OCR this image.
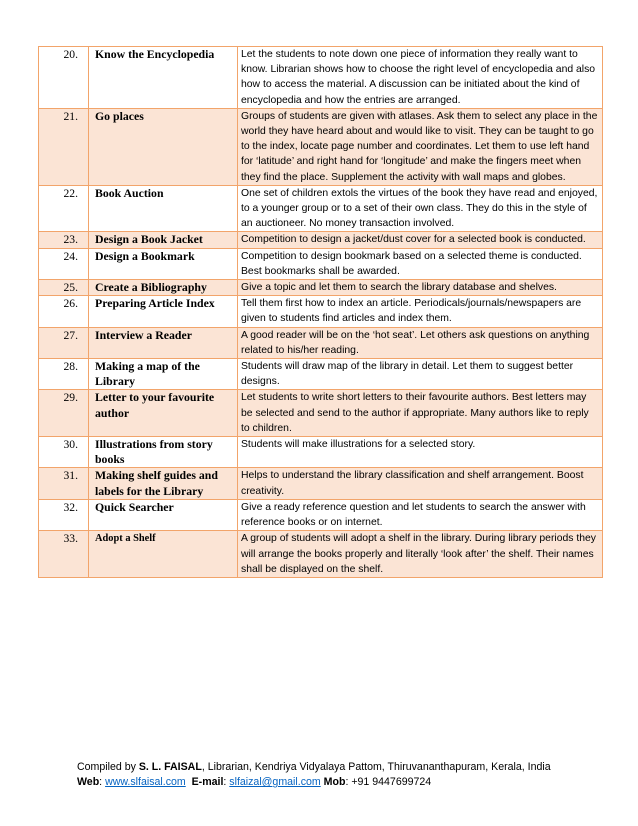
20.	Know the Encyclopedia	Let the students to note down one piece of information they really want to know. Librarian shows how to choose the right level of encyclopedia and also how to access the material. A discussion can be initiated about the kind of encyclopedia and how the entries are arranged.
21.	Go places	Groups of students are given with atlases. Ask them to select any place in the world they have heard about and would like to visit. They can be taught to go to the index, locate page number and coordinates. Let them to use left hand for ‘latitude’ and right hand for ‘longitude’ and make the fingers meet when they find the place. Supplement the activity with wall maps and globes.
22.	Book Auction	One set of children extols the virtues of the book they have read and enjoyed, to a younger group or to a set of their own class. They do this in the style of an auctioneer. No money transaction involved.
23.	Design a Book Jacket	Competition to design a jacket/dust cover for a selected book is conducted.
24.	Design a Bookmark	Competition to design bookmark based on a selected theme is conducted. Best bookmarks shall be awarded.
25.	Create a Bibliography	Give a topic and let them to search the library database and shelves.
26.	Preparing Article Index	Tell them first how to index an article. Periodicals/journals/newspapers are given to students find articles and index them.
27.	Interview a Reader	A good reader will be on the ‘hot seat’. Let others ask questions on anything related to his/her reading.
28.	Making a map of the Library	Students will draw map of the library in detail. Let them to suggest better designs.
29.	Letter to your favourite author	Let students to write short letters to their favourite authors. Best letters may be selected and send to the author if appropriate. Many authors like to reply to children.
30.	Illustrations from story books	Students will make illustrations for a selected story.
31.	Making shelf guides and labels for the Library	Helps to understand the library classification and shelf arrangement. Boost creativity.
32.	Quick Searcher	Give a ready reference question and let students to search the answer with reference books or on internet.
33.	Adopt a Shelf	A group of students will adopt a shelf in the library. During library periods they will arrange the books properly and literally ‘look after’ the shelf. Their names shall be displayed on the shelf.
Compiled by S. L. FAISAL, Librarian, Kendriya Vidyalaya Pattom, Thiruvananthapuram, Kerala, India
Web: www.slfaisal.com E-mail: slfaizal@gmail.com Mob: +91 9447699724
